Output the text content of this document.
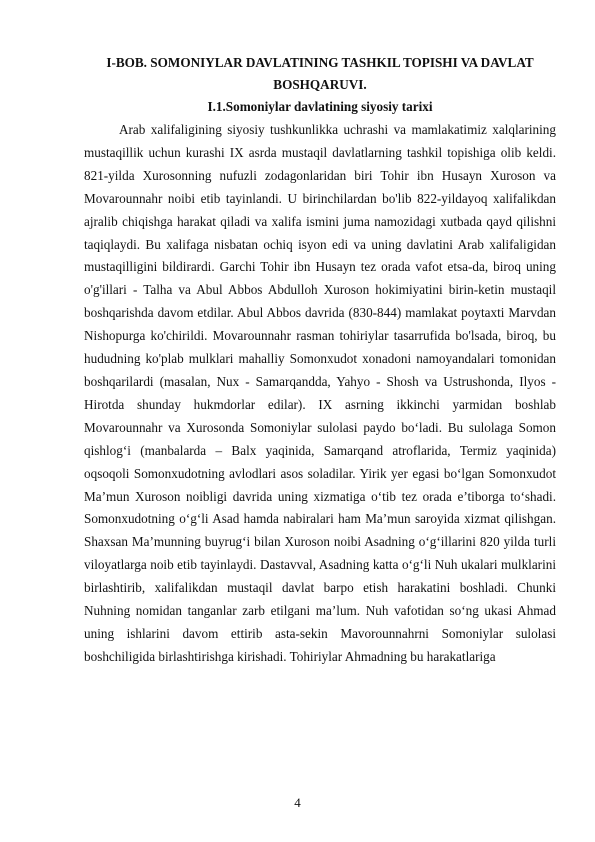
I-BOB. SOMONIYLAR DAVLATINING TASHKIL TOPISHI VA DAVLAT
BOSHQARUVI.
I.1.Somoniylar davlatining siyosiy tarixi

Arab xalifaligining siyosiy tushkunlikka uchrashi va mamlakatimiz xalqlarining mustaqillik uchun kurashi IX asrda mustaqil davlatlarning tashkil topishiga olib keldi. 821-yilda Xurosonning nufuzli zodagonlaridan biri Tohir ibn Husayn Xuroson va Movarounnahr noibi etib tayinlandi. U birinchilardan bo'lib 822-yildayoq xalifalikdan ajralib chiqishga harakat qiladi va xalifa ismini juma namozidagi xutbada qayd qilishni taqiqlaydi. Bu xalifaga nisbatan ochiq isyon edi va uning davlatini Arab xalifaligidan mustaqilligini bildirardi. Garchi Tohir ibn Husayn tez orada vafot etsa-da, biroq uning o'g'illari - Talha va Abul Abbos Abdulloh Xuroson hokimiyatini birin-ketin mustaqil boshqarishda davom etdilar. Abul Abbos davrida (830-844) mamlakat poytaxti Marvdan Nishopurga ko'chirildi. Movarounnahr rasman tohiriylar tasarrufida bo'lsada, biroq, bu hududning ko'plab mulklari mahalliy Somonxudot xonadoni namoyandalari tomonidan boshqarilardi (masalan, Nux - Samarqandda, Yahyo - Shosh va Ustrushonda, Ilyos - Hirotda shunday hukmdorlar edilar). IX asrning ikkinchi yarmidan boshlab Movarounnahr va Xurosonda Somoniylar sulolasi paydo bo‘ladi. Bu sulolaga Somon qishlog‘i (manbalarda – Balx yaqinida, Samarqand atroflarida, Termiz yaqinida) oqsoqoli Somonxudotning avlodlari asos soladilar. Yirik yer egasi bo‘lgan Somonxudot Ma’mun Xuroson noibligi davrida uning xizmatiga o‘tib tez orada e’tiborga to‘shadi. Somonxudotning o‘g‘li Asad hamda nabiralari ham Ma’mun saroyida xizmat qilishgan. Shaxsan Ma’munning buyrug‘i bilan Xuroson noibi Asadning o‘g‘illarini 820 yilda turli viloyatlarga noib etib tayinlaydi. Dastavval, Asadning katta o‘g‘li Nuh ukalari mulklarini birlashtirib, xalifalikdan mustaqil davlat barpo etish harakatini boshladi. Chunki Nuhning nomidan tanganlar zarb etilgani ma’lum. Nuh vafotidan so‘ng ukasi Ahmad uning ishlarini davom ettirib asta-sekin Mavorounnahrni Somoniylar sulolasi boshchiligida birlashtirishga kirishadi. Tohiriylar Ahmadning bu harakatlariga

4
